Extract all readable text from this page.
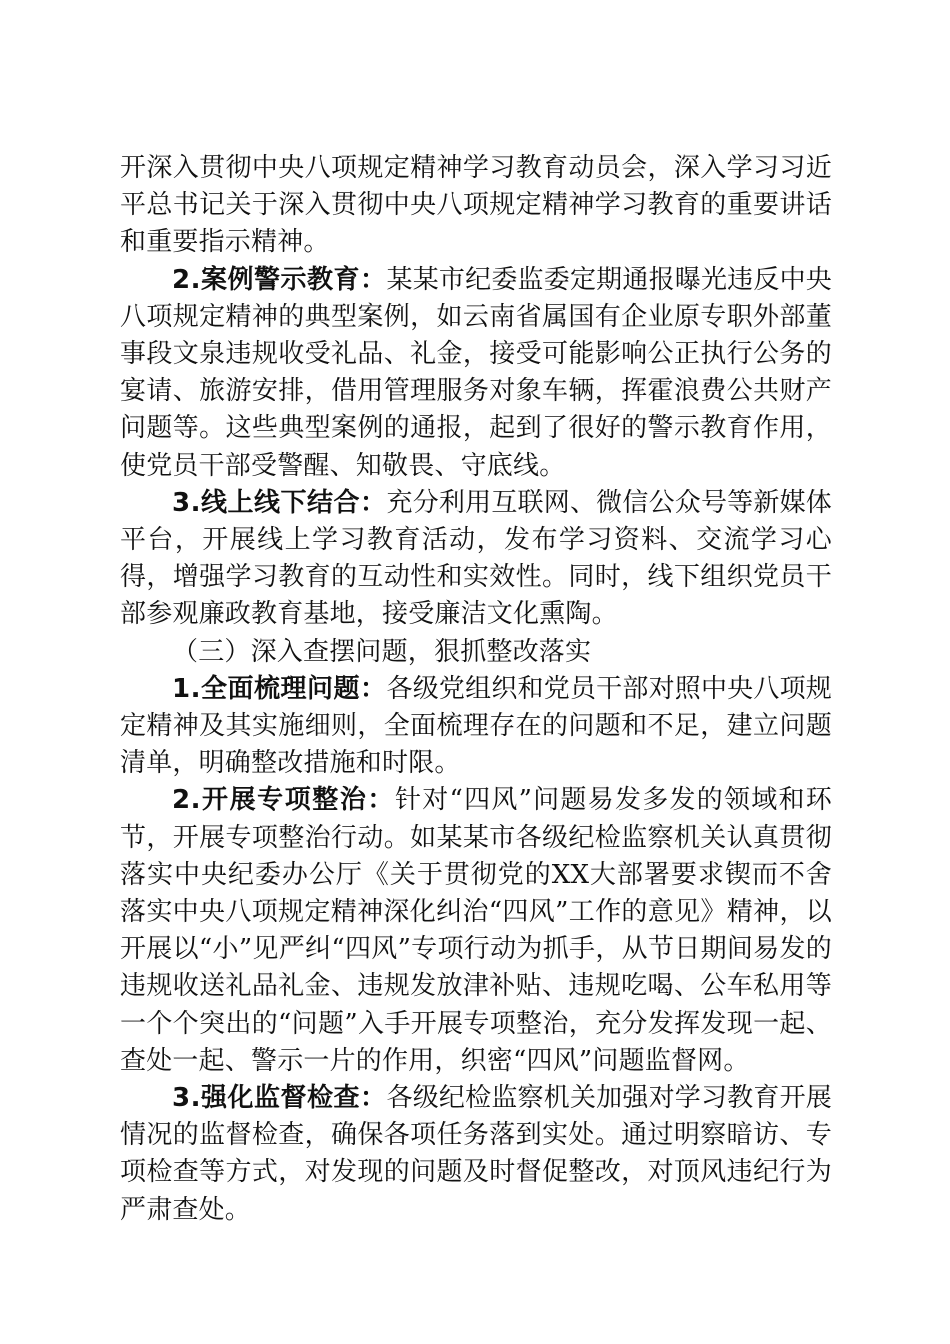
开深入贯彻中央八项规定精神学习教育动员会，深入学习习近平总书记关于深入贯彻中央八项规定精神学习教育的重要讲话和重要指示精神。

2.案例警示教育：某某市纪委监委定期通报曝光违反中央八项规定精神的典型案例，如云南省属国有企业原专职外部董事段文泉违规收受礼品、礼金，接受可能影响公正执行公务的宴请、旅游安排，借用管理服务对象车辆，挥霍浪费公共财产问题等。这些典型案例的通报，起到了很好的警示教育作用，使党员干部受警醒、知敬畏、守底线。

3.线上线下结合：充分利用互联网、微信公众号等新媒体平台，开展线上学习教育活动，发布学习资料、交流学习心得，增强学习教育的互动性和实效性。同时，线下组织党员干部参观廉政教育基地，接受廉洁文化熏陶。

（三）深入查摆问题，狠抓整改落实

1.全面梳理问题：各级党组织和党员干部对照中央八项规定精神及其实施细则，全面梳理存在的问题和不足，建立问题清单，明确整改措施和时限。

2.开展专项整治：针对“四风”问题易发多发的领域和环节，开展专项整治行动。如某某市各级纪检监察机关认真贯彻落实中央纪委办公厅《关于贯彻党的XX大部署要求锲而不舍落实中央八项规定精神深化纠治“四风”工作的意见》精神，以开展以“小”见严纠“四风”专项行动为抓手，从节日期间易发的违规收送礼品礼金、违规发放津补贴、违规吃喝、公车私用等一个个突出的“问题”入手开展专项整治，充分发挥发现一起、查处一起、警示一片的作用，织密“四风”问题监督网。

3.强化监督检查：各级纪检监察机关加强对学习教育开展情况的监督检查，确保各项任务落到实处。通过明察暗访、专项检查等方式，对发现的问题及时督促整改，对顶风违纪行为严肃查处。
